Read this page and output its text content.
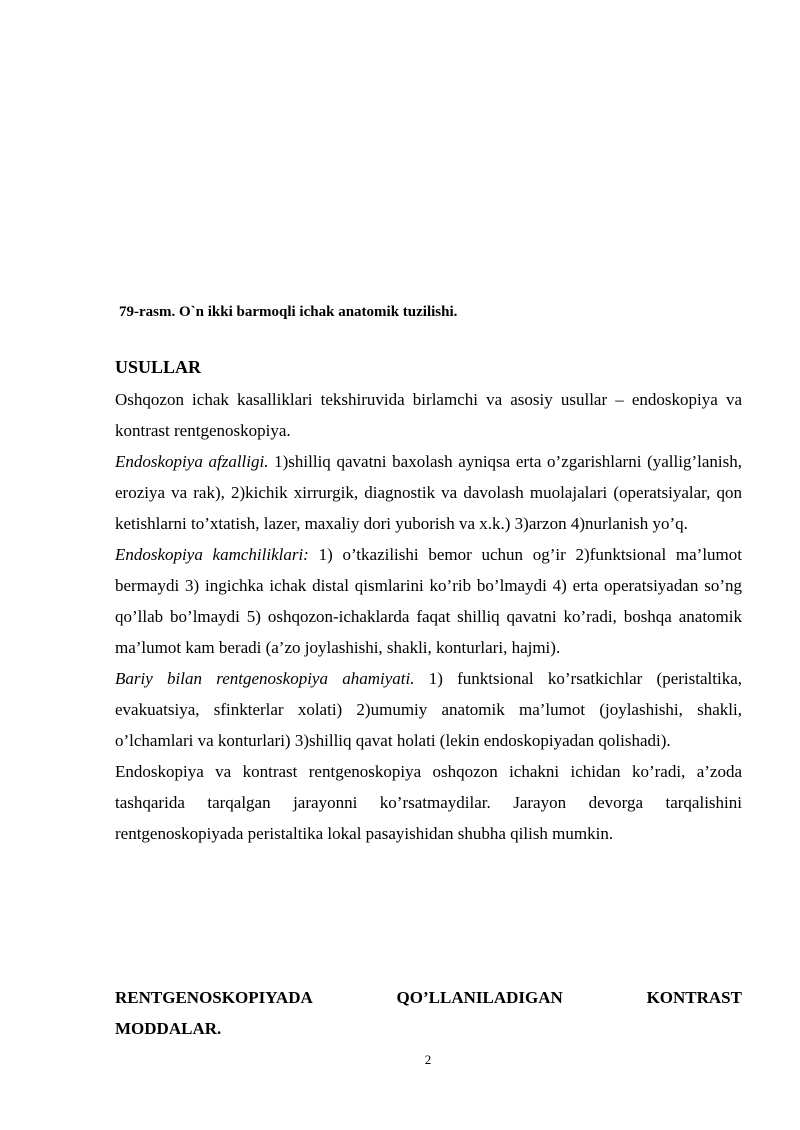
79-rasm. O`n ikki barmoqli ichak anatomik tuzilishi.
USULLAR

Oshqozon ichak kasalliklari tekshiruvida birlamchi va asosiy usullar – endoskopiya va kontrast rentgenoskopiya.

Endoskopiya afzalligi. 1)shilliq qavatni baxolash ayniqsa erta o’zgarishlarni (yallig’lanish, eroziya va rak), 2)kichik xirrurgik, diagnostik va davolash muolajalari (operatsiyalar, qon ketishlarni to’xtatish, lazer, maxaliy dori yuborish va x.k.) 3)arzon 4)nurlanish yo’q.

Endoskopiya kamchiliklari: 1) o’tkazilishi bemor uchun og’ir 2)funktsional ma’lumot bermaydi 3) ingichka ichak distal qismlarini ko’rib bo’lmaydi 4) erta operatsiyadan so’ng qo’llab bo’lmaydi 5) oshqozon-ichaklarda faqat shilliq qavatni ko’radi, boshqa anatomik ma’lumot kam beradi (a’zo joylashishi, shakli, konturlari, hajmi).

Bariy bilan rentgenoskopiya ahamiyati. 1) funktsional ko’rsatkichlar (peristaltika, evakuatsiya, sfinkterlar xolati) 2)umumiy anatomik ma’lumot (joylashishi, shakli, o’lchamlari va konturlari) 3)shilliq qavat holati (lekin endoskopiyadan qolishadi).

Endoskopiya va kontrast rentgenoskopiya oshqozon ichakni ichidan ko’radi, a’zoda tashqarida tarqalgan jarayonni ko’rsatmaydilar. Jarayon devorga tarqalishini rentgenoskopiyada peristaltika lokal pasayishidan shubha qilish mumkin.

RENTGENOSKOPIYADA	QO’LLANILADIGAN	KONTRAST
MODDALAR.
2
